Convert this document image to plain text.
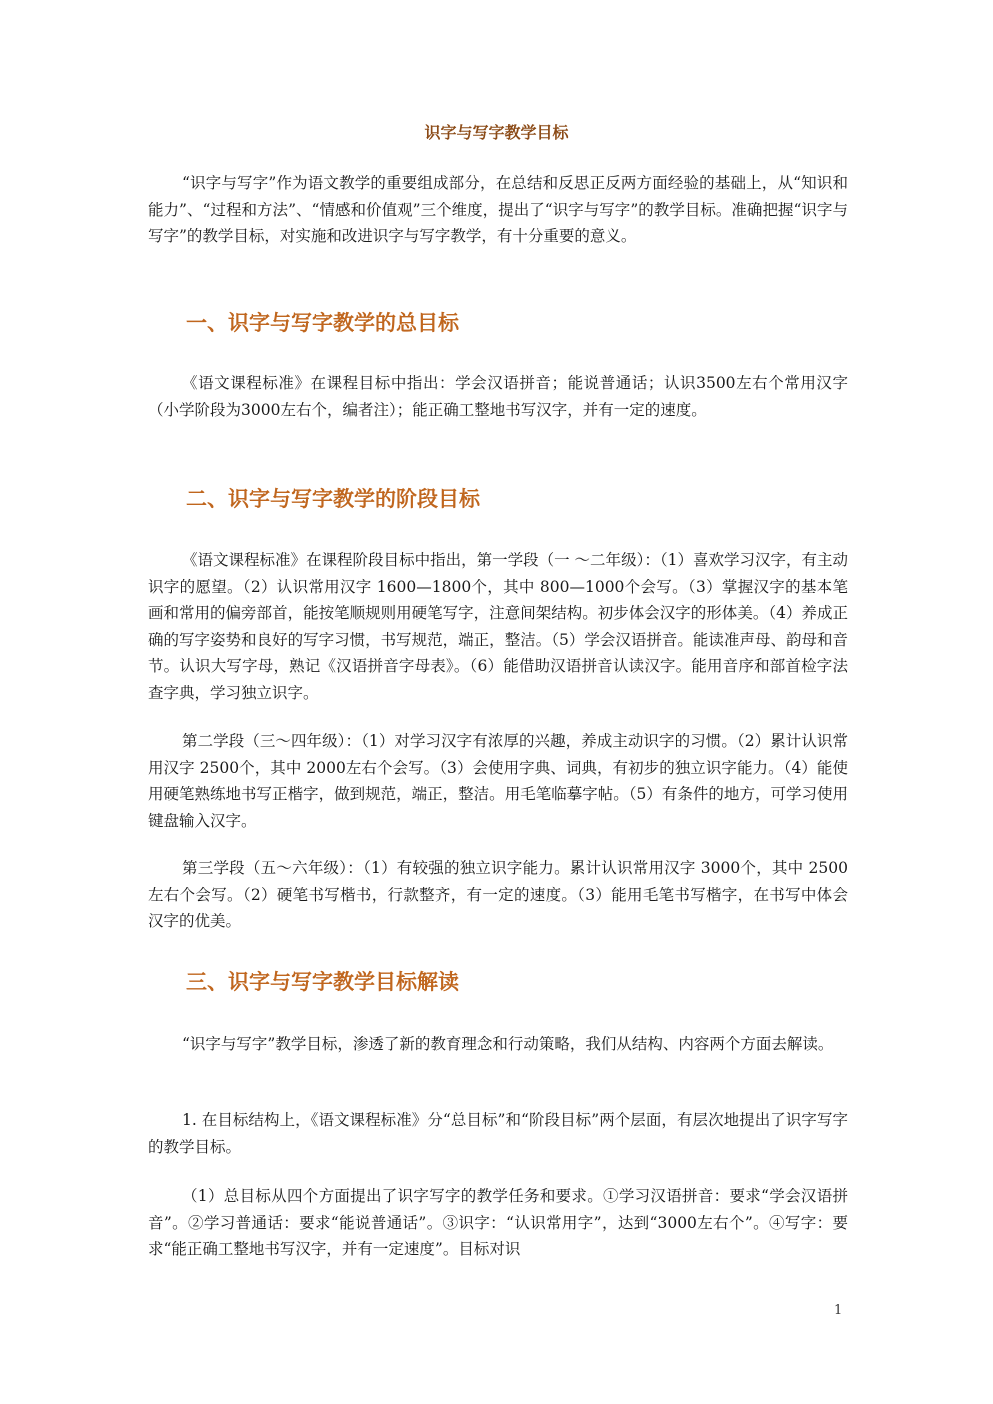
识字与写字教学目标

“识字与写字”作为语文教学的重要组成部分，在总结和反思正反两方面经验的基础上，从“知识和能力”、“过程和方法”、“情感和价值观”三个维度，提出了“识字与写字”的教学目标。准确把握“识字与写字”的教学目标，对实施和改进识字与写字教学，有十分重要的意义。

一、识字与写字教学的总目标

《语文课程标准》在课程目标中指出：学会汉语拼音；能说普通话；认识3500左右个常用汉字（小学阶段为3000左右个，编者注）；能正确工整地书写汉字，并有一定的速度。

二、识字与写字教学的阶段目标

《语文课程标准》在课程阶段目标中指出，第一学段（一 ～二年级）：（1）喜欢学习汉字，有主动识字的愿望。（2）认识常用汉字 1600—1800个，其中 800—1000个会写。（3）掌握汉字的基本笔画和常用的偏旁部首，能按笔顺规则用硬笔写字，注意间架结构。初步体会汉字的形体美。（4）养成正确的写字姿势和良好的写字习惯，书写规范，端正，整洁。（5）学会汉语拼音。能读准声母、韵母和音节。认识大写字母，熟记《汉语拼音字母表》。（6）能借助汉语拼音认读汉字。能用音序和部首检字法查字典，学习独立识字。

第二学段（三～四年级）：（1）对学习汉字有浓厚的兴趣，养成主动识字的习惯。（2）累计认识常用汉字 2500个，其中 2000左右个会写。（3）会使用字典、词典，有初步的独立识字能力。（4）能使用硬笔熟练地书写正楷字，做到规范，端正，整洁。用毛笔临摹字帖。（5）有条件的地方，可学习使用键盘输入汉字。

第三学段（五～六年级）：（1）有较强的独立识字能力。累计认识常用汉字 3000个，其中 2500左右个会写。（2）硬笔书写楷书，行款整齐，有一定的速度。（3）能用毛笔书写楷字，在书写中体会汉字的优美。

三、识字与写字教学目标解读

“识字与写字”教学目标，渗透了新的教育理念和行动策略，我们从结构、内容两个方面去解读。

1. 在目标结构上，《语文课程标准》分“总目标”和“阶段目标”两个层面，有层次地提出了识字写字的教学目标。

（1）总目标从四个方面提出了识字写字的教学任务和要求。①学习汉语拼音：要求“学会汉语拼音”。②学习普通话：要求“能说普通话”。③识字：“认识常用字”，达到“3000左右个”。④写字：要求“能正确工整地书写汉字，并有一定速度”。目标对识

1
